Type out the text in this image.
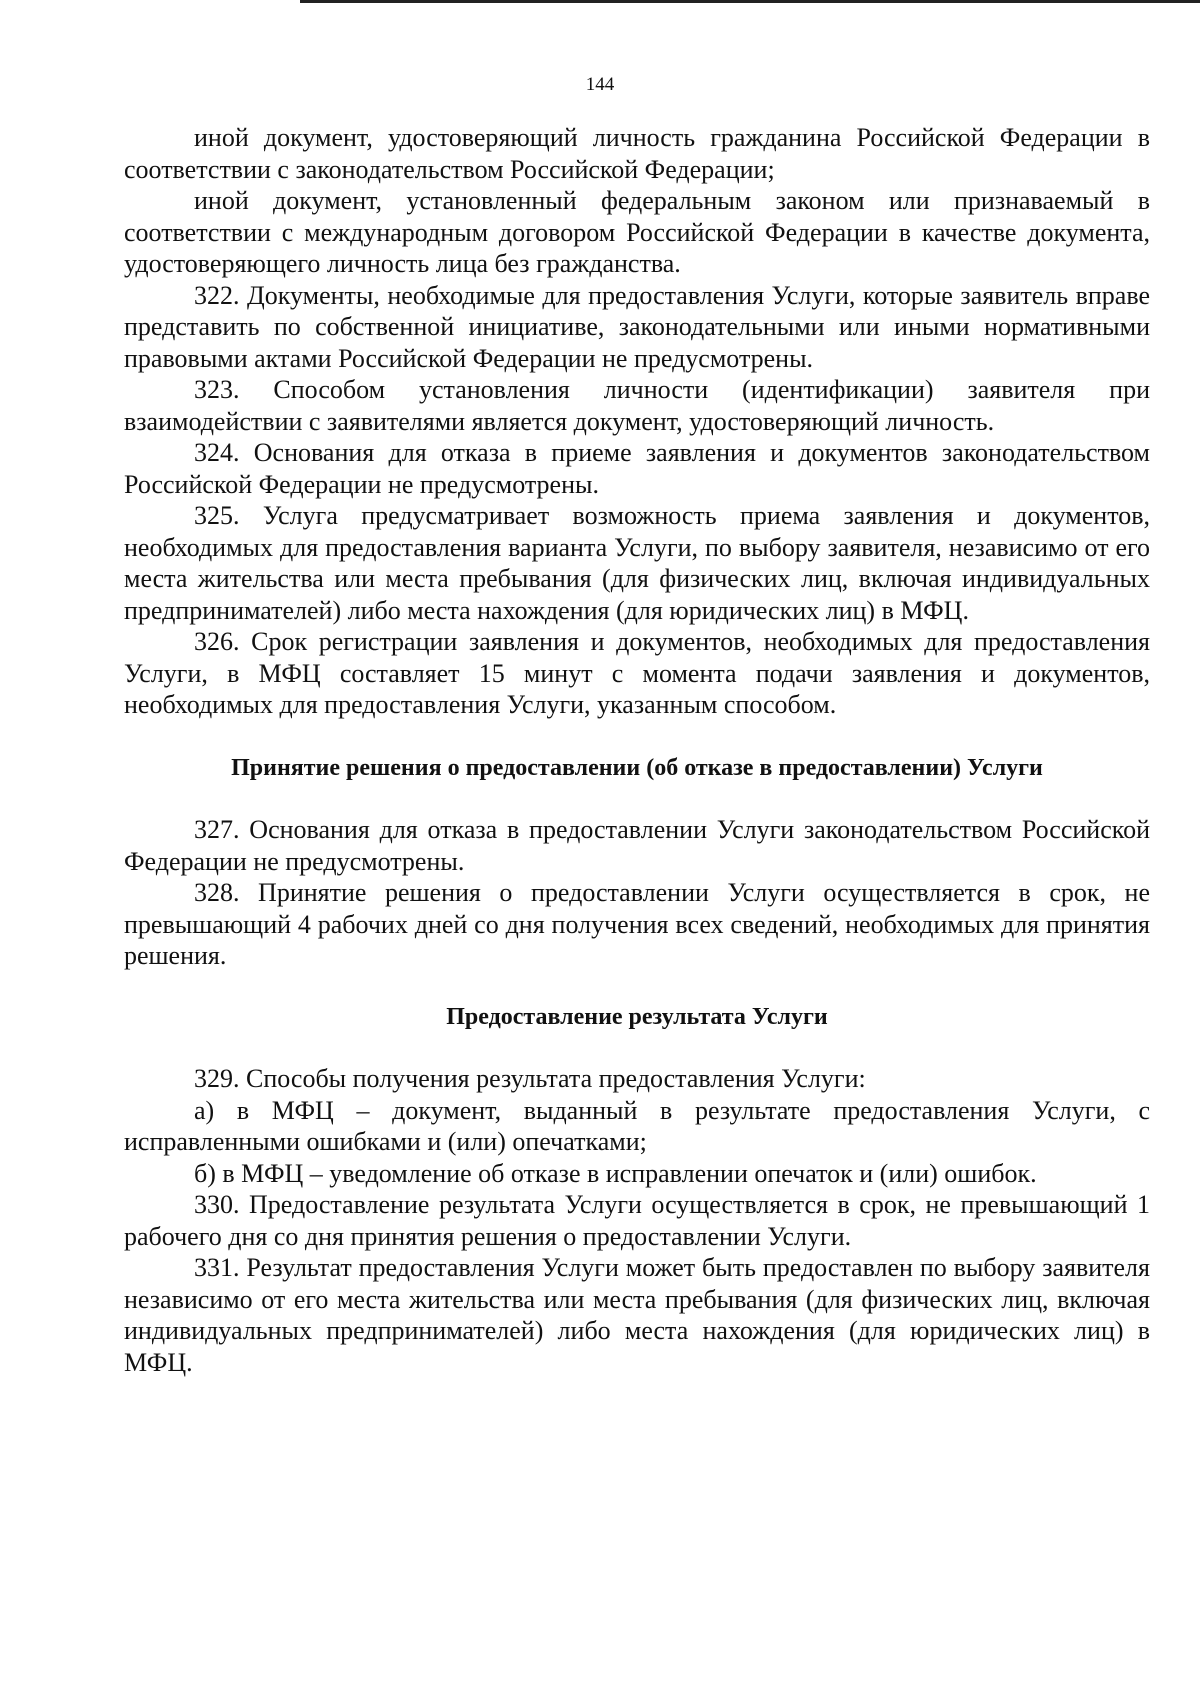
144

иной документ, удостоверяющий личность гражданина Российской Федерации в соответствии с законодательством Российской Федерации;

иной документ, установленный федеральным законом или признаваемый в соответствии с международным договором Российской Федерации в качестве документа, удостоверяющего личность лица без гражданства.

322. Документы, необходимые для предоставления Услуги, которые заявитель вправе представить по собственной инициативе, законодательными или иными нормативными правовыми актами Российской Федерации не предусмотрены.

323. Способом установления личности (идентификации) заявителя при взаимодействии с заявителями является документ, удостоверяющий личность.

324. Основания для отказа в приеме заявления и документов законодательством Российской Федерации не предусмотрены.

325. Услуга предусматривает возможность приема заявления и документов, необходимых для предоставления варианта Услуги, по выбору заявителя, независимо от его места жительства или места пребывания (для физических лиц, включая индивидуальных предпринимателей) либо места нахождения (для юридических лиц) в МФЦ.

326. Срок регистрации заявления и документов, необходимых для предоставления Услуги, в МФЦ составляет 15 минут с момента подачи заявления и документов, необходимых для предоставления Услуги, указанным способом.

Принятие решения о предоставлении (об отказе в предоставлении) Услуги

327. Основания для отказа в предоставлении Услуги законодательством Российской Федерации не предусмотрены.

328. Принятие решения о предоставлении Услуги осуществляется в срок, не превышающий 4 рабочих дней со дня получения всех сведений, необходимых для принятия решения.

Предоставление результата Услуги

329. Способы получения результата предоставления Услуги:

а) в МФЦ – документ, выданный в результате предоставления Услуги, с исправленными ошибками и (или) опечатками;

б) в МФЦ – уведомление об отказе в исправлении опечаток и (или) ошибок.

330. Предоставление результата Услуги осуществляется в срок, не превышающий 1 рабочего дня со дня принятия решения о предоставлении Услуги.

331. Результат предоставления Услуги может быть предоставлен по выбору заявителя независимо от его места жительства или места пребывания (для физических лиц, включая индивидуальных предпринимателей) либо места нахождения (для юридических лиц) в МФЦ.
